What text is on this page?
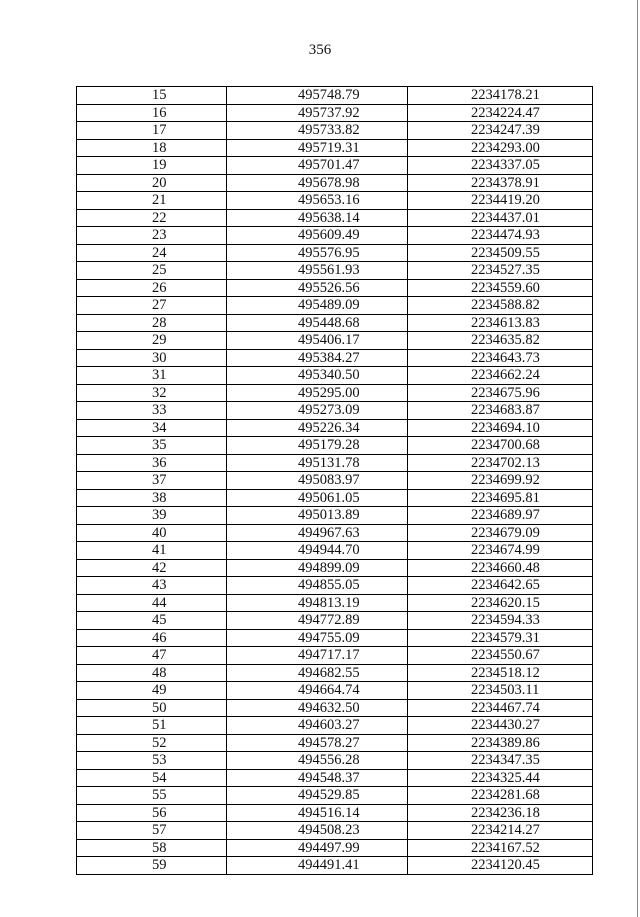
356
15	495748.79	2234178.21
16	495737.92	2234224.47
17	495733.82	2234247.39
18	495719.31	2234293.00
19	495701.47	2234337.05
20	495678.98	2234378.91
21	495653.16	2234419.20
22	495638.14	2234437.01
23	495609.49	2234474.93
24	495576.95	2234509.55
25	495561.93	2234527.35
26	495526.56	2234559.60
27	495489.09	2234588.82
28	495448.68	2234613.83
29	495406.17	2234635.82
30	495384.27	2234643.73
31	495340.50	2234662.24
32	495295.00	2234675.96
33	495273.09	2234683.87
34	495226.34	2234694.10
35	495179.28	2234700.68
36	495131.78	2234702.13
37	495083.97	2234699.92
38	495061.05	2234695.81
39	495013.89	2234689.97
40	494967.63	2234679.09
41	494944.70	2234674.99
42	494899.09	2234660.48
43	494855.05	2234642.65
44	494813.19	2234620.15
45	494772.89	2234594.33
46	494755.09	2234579.31
47	494717.17	2234550.67
48	494682.55	2234518.12
49	494664.74	2234503.11
50	494632.50	2234467.74
51	494603.27	2234430.27
52	494578.27	2234389.86
53	494556.28	2234347.35
54	494548.37	2234325.44
55	494529.85	2234281.68
56	494516.14	2234236.18
57	494508.23	2234214.27
58	494497.99	2234167.52
59	494491.41	2234120.45
